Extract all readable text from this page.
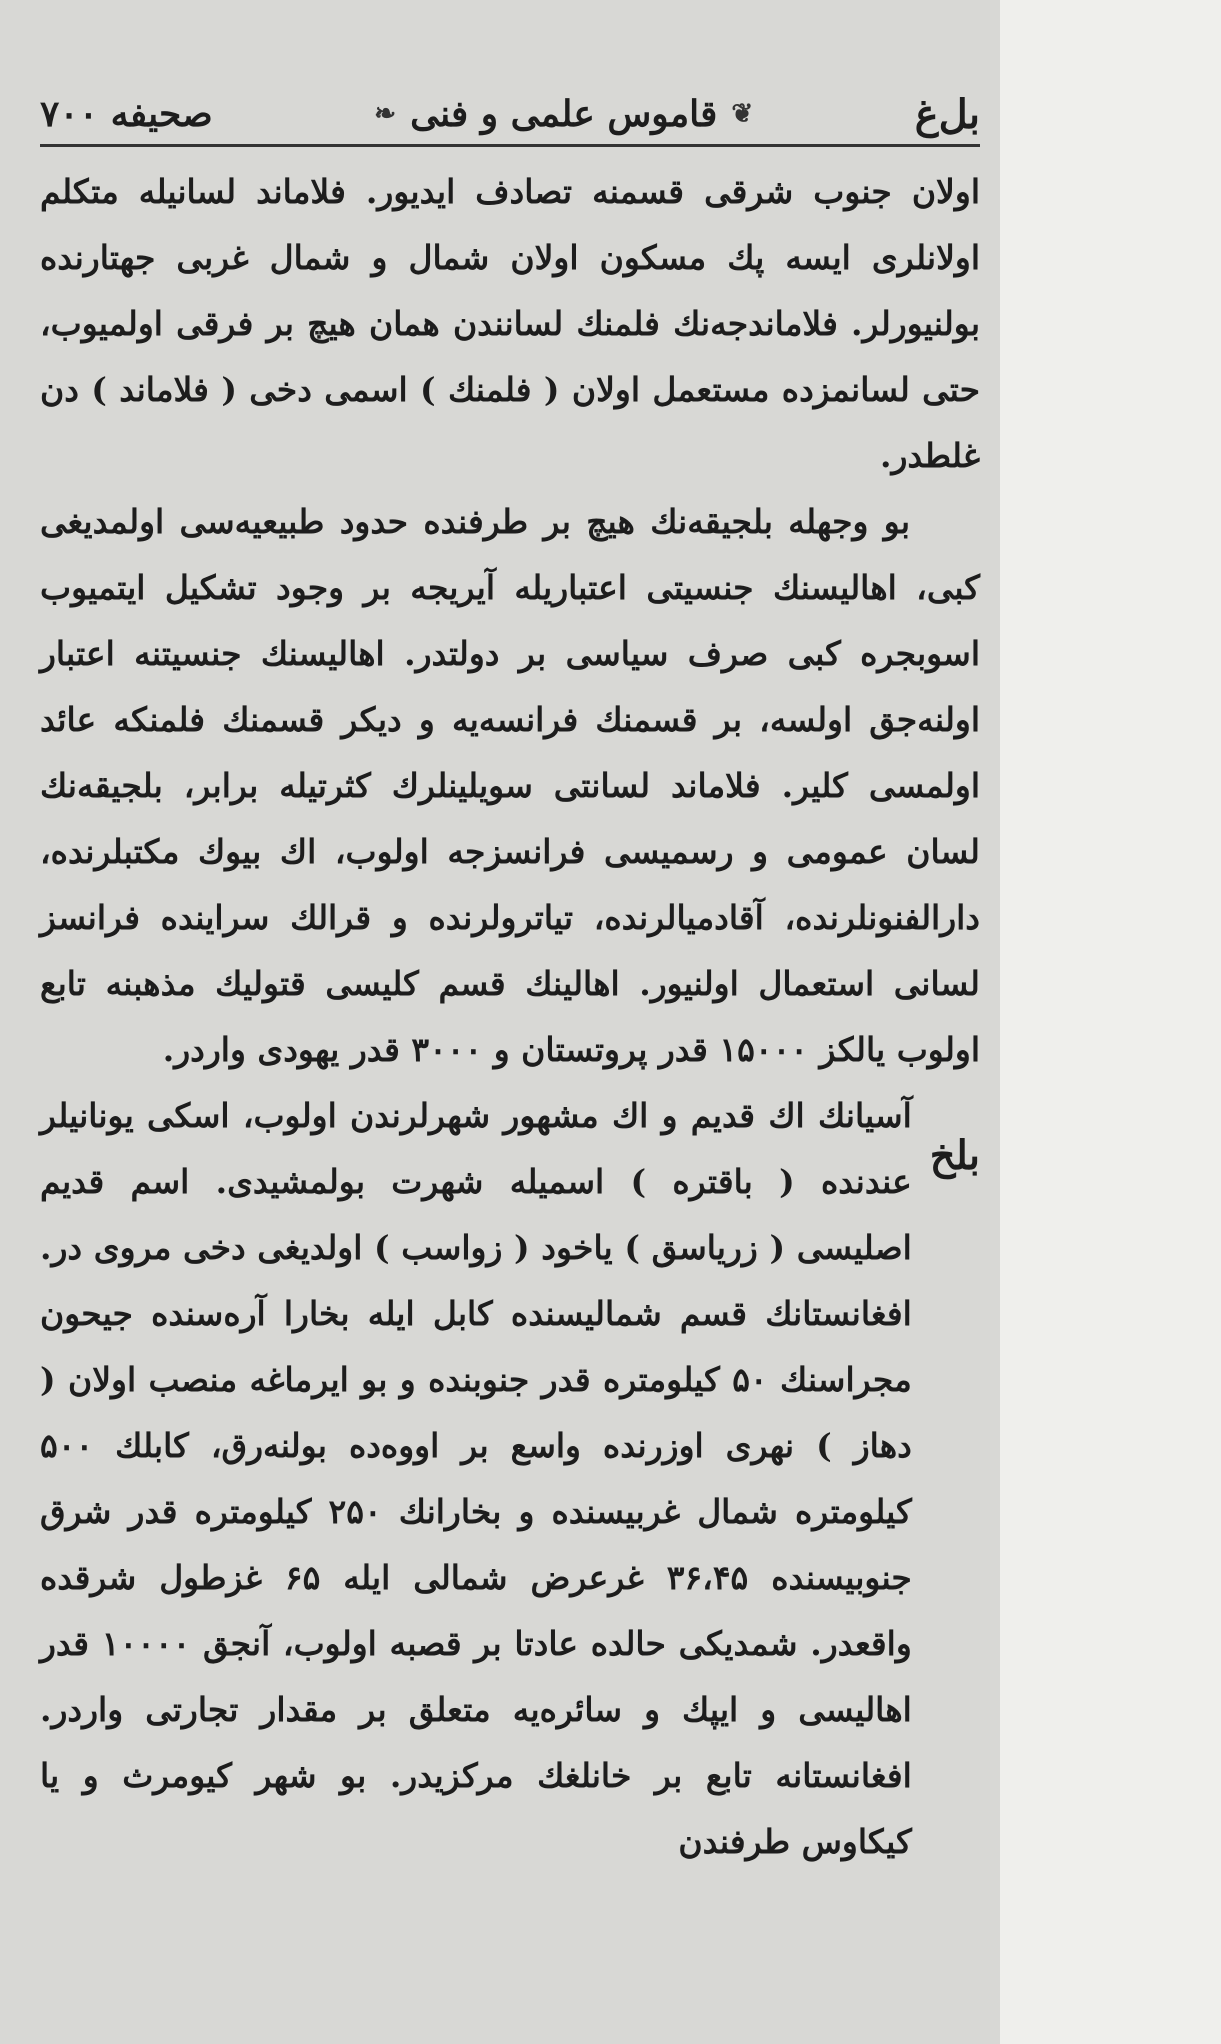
بل‌غ
❦
قاموس علمی و فنی
❧
صحیفه ۷۰۰

اولان جنوب شرقی قسمنه تصادف ایدیور. فلاماند لسانیله متکلم اولانلری ایسه پك مسكون اولان شمال و شمال غربی جهتارنده بولنیورلر. فلاماندجه‌نك فلمنك لسانندن همان هیچ بر فرقی اولمیوب، حتی لسانمزده مستعمل اولان ( فلمنك ) اسمی دخی ( فلاماند ) دن غلطدر.

بو وجهله بلجیقه‌نك هیچ بر طرفنده حدود طبیعیه‌سی اولمدیغی کبی، اهالیسنك جنسیتی اعتباریله آیریجه بر وجود تشکیل ایتمیوب اسوبجره کبی صرف سیاسی بر دولتدر. اهالیسنك جنسیتنه اعتبار اولنه‌جق اولسه، بر قسمنك فرانسه‌یه و دیکر قسمنك فلمنکه عائد اولمسی کلیر. فلاماند لسانتی سویلینلرك كثرتیله برابر، بلجیقه‌نك لسان عمومی و رسمیسی فرانسزجه اولوب، اك بیوك مکتبلرنده، دارالفنونلرنده، آقادمیالرنده، تیاترولرنده و قرالك سراینده فرانسز لسانی استعمال اولنیور. اهالینك قسم كلیسی قتولیك مذهبنه تابع اولوب یالکز ۱۵۰۰۰ قدر پروتستان و ۳۰۰۰ قدر یهودی واردر.

بلخ

آسیانك اك قدیم و اك مشهور شهرلرندن اولوب، اسکی یونانیلر عندنده ( باقتره ) اسمیله شهرت بولمشیدی. اسم قدیم اصلیسی ( زریاسق ) یاخود ( زواسب ) اولدیغی دخی مروی در. افغانستانك قسم شمالیسنده كابل ایله بخارا آره‌سنده جیحون مجراسنك ۵۰ کیلومتره قدر جنوبنده و بو ایرماغه منصب اولان ( دهاز ) نهری اوزرنده واسع بر اووه‌ده بولنه‌رق، کابلك ۵۰۰ کیلومتره شمال غربیسنده و بخارانك ۲۵۰ کیلومتره قدر شرق جنوبیسنده ۳۶،۴۵ غرعرض شمالی ایله ۶۵ غزطول شرقده واقعدر. شمدیکی حالده عادتا بر قصبه اولوب، آنجق ۱۰۰۰۰ قدر اهالیسی و ایپك و سائره‌یه متعلق بر مقدار تجارتی واردر. افغانستانه تابع بر خانلغك مرکزیدر. بو شهر کیومرث و یا کیکاوس طرفندن
